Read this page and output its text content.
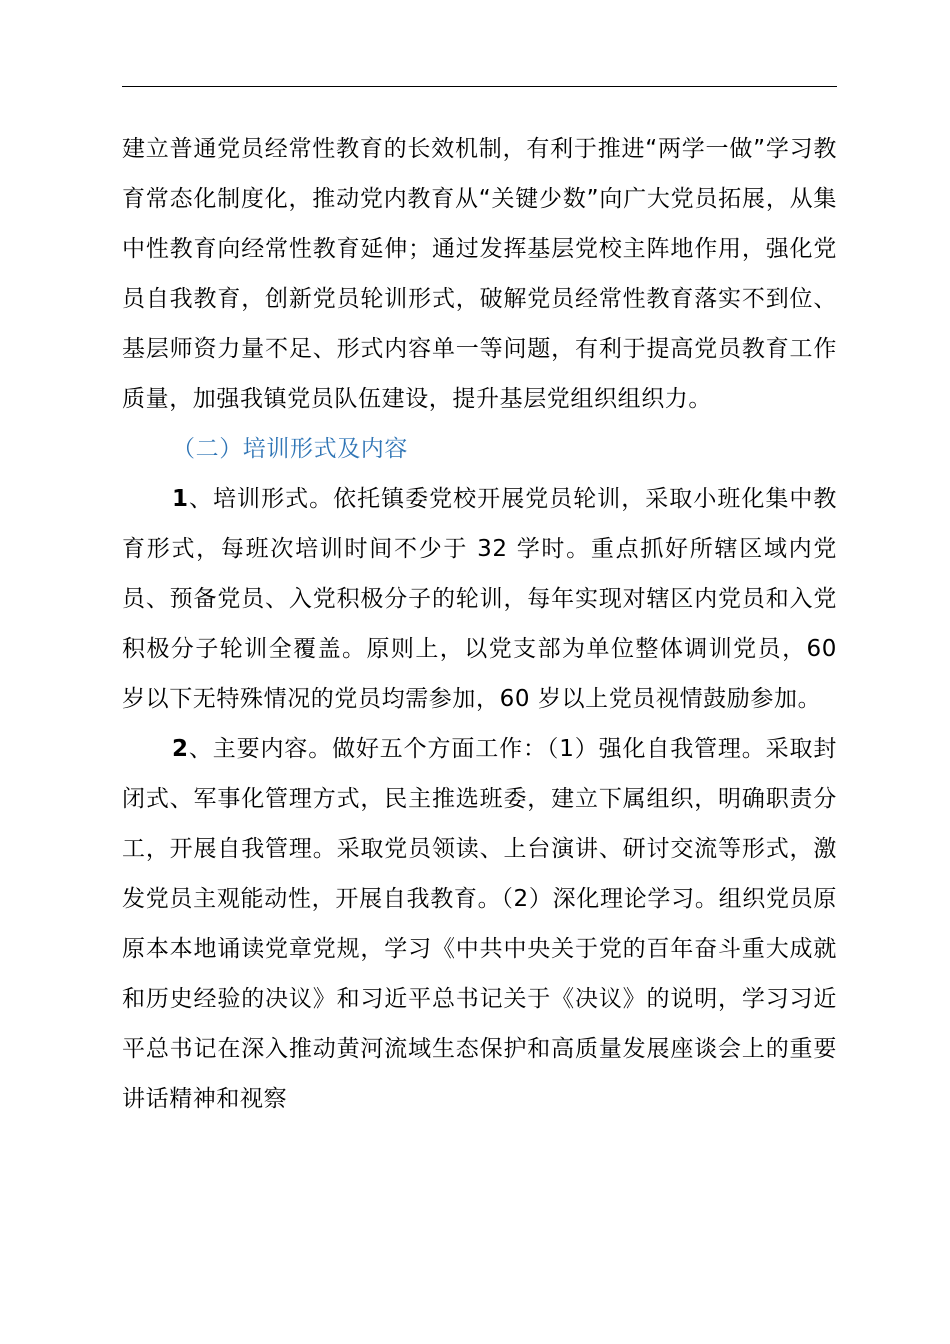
建立普通党员经常性教育的长效机制，有利于推进“两学一做”学习教育常态化制度化，推动党内教育从“关键少数”向广大党员拓展，从集中性教育向经常性教育延伸；通过发挥基层党校主阵地作用，强化党员自我教育，创新党员轮训形式，破解党员经常性教育落实不到位、基层师资力量不足、形式内容单一等问题，有利于提高党员教育工作质量，加强我镇党员队伍建设，提升基层党组织组织力。

（二）培训形式及内容

1、培训形式。依托镇委党校开展党员轮训，采取小班化集中教育形式，每班次培训时间不少于 32 学时。重点抓好所辖区域内党员、预备党员、入党积极分子的轮训，每年实现对辖区内党员和入党积极分子轮训全覆盖。原则上，以党支部为单位整体调训党员，60 岁以下无特殊情况的党员均需参加，60 岁以上党员视情鼓励参加。

2、主要内容。做好五个方面工作：（1）强化自我管理。采取封闭式、军事化管理方式，民主推选班委，建立下属组织，明确职责分工，开展自我管理。采取党员领读、上台演讲、研讨交流等形式，激发党员主观能动性，开展自我教育。（2）深化理论学习。组织党员原原本本地诵读党章党规，学习《中共中央关于党的百年奋斗重大成就和历史经验的决议》和习近平总书记关于《决议》的说明，学习习近平总书记在深入推动黄河流域生态保护和高质量发展座谈会上的重要讲话精神和视察
